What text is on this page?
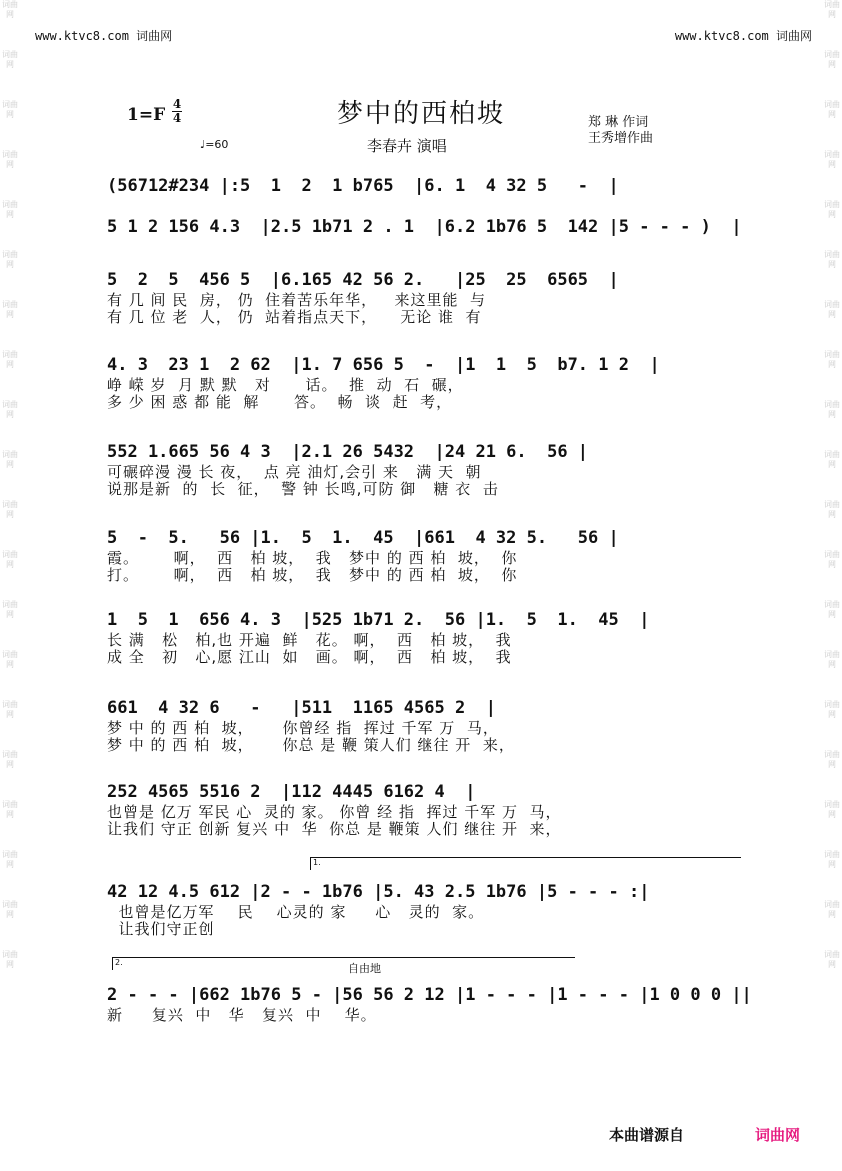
词曲网
词曲网
词曲网
词曲网
词曲网
词曲网
词曲网
词曲网
词曲网
词曲网
词曲网
词曲网
词曲网
词曲网
词曲网
词曲网
词曲网
词曲网
词曲网
词曲网
词曲网
词曲网
词曲网
词曲网
词曲网
词曲网
词曲网
词曲网
词曲网
词曲网
词曲网
词曲网
词曲网
词曲网
词曲网
词曲网
词曲网
词曲网
词曲网
词曲网
www.ktvc8.com 词曲网	www.ktvc8.com 词曲网
1=F
4
4	梦中的西柏坡	郑 琳 作词
王秀增作曲
♩=60	李春卉 演唱
(56712#234 |:5  1  2  1 b765  |6. 1  4 32 5   -  |
5 1 2 156 4.3  |2.5 1b71 2 . 1  |6.2 1b76 5  142 |5 - - - )  |
5  2  5  456 5  |6.165 42 56 2.   |25  25  6565  |
有 几 间 民  房， 仍  住着苦乐年华，   来这里能  与
有 几 位 老  人， 仍  站着指点天下，    无论 谁  有
4. 3  23 1  2 62  |1. 7 656 5  -  |1  1  5  b7. 1 2  |
峥 嵘 岁  月 默 默   对      话。  推  动  石  碾，
多 少 困 惑 都 能  解      答。  畅  谈  赶  考，
552 1.665 56 4 3  |2.1 26 5432  |24 21 6.  56 |
可碾碎漫 漫 长 夜，  点 亮 油灯,会引 来   满 天  朝
说那是新  的  长  征，  警 钟 长鸣,可防 御   糖 衣  击
5  -  5.   56 |1.  5  1.  45  |661  4 32 5.   56 |
霞。      啊，  西   柏 坡，  我   梦中 的 西 柏  坡，  你
打。      啊，  西   柏 坡，  我   梦中 的 西 柏  坡，  你
1  5  1  656 4. 3  |525 1b71 2.  56 |1.  5  1.  45  |
长 满   松   柏,也 开遍  鲜   花。 啊，  西   柏 坡，  我
成 全   初   心,愿 江山  如   画。 啊，  西   柏 坡，  我
661  4 32 6   -   |511  1165 4565 2  |
梦 中 的 西 柏  坡，     你曾经 指  挥过 千军 万  马，
梦 中 的 西 柏  坡，     你总 是 鞭 策人们 继往 开  来，
252 4565 5516 2  |112 4445 6162 4  |
也曾是 亿万 军民 心  灵的 家。 你曾 经 指  挥过 千军 万  马，
让我们 守正 创新 复兴 中  华  你总 是 鞭策 人们 继往 开  来，
1.
42 12 4.5 612 |2 - - 1b76 |5. 43 2.5 1b76 |5 - - - :|
也曾是亿万军    民    心灵的 家     心   灵的  家。
让我们守正创
2.	自由地
2 - - - |662 1b76 5 - |56 56 2 12 |1 - - - |1 - - - |1 0 0 0 ||
新     复兴  中   华   复兴  中    华。
本曲谱源自	词曲网
